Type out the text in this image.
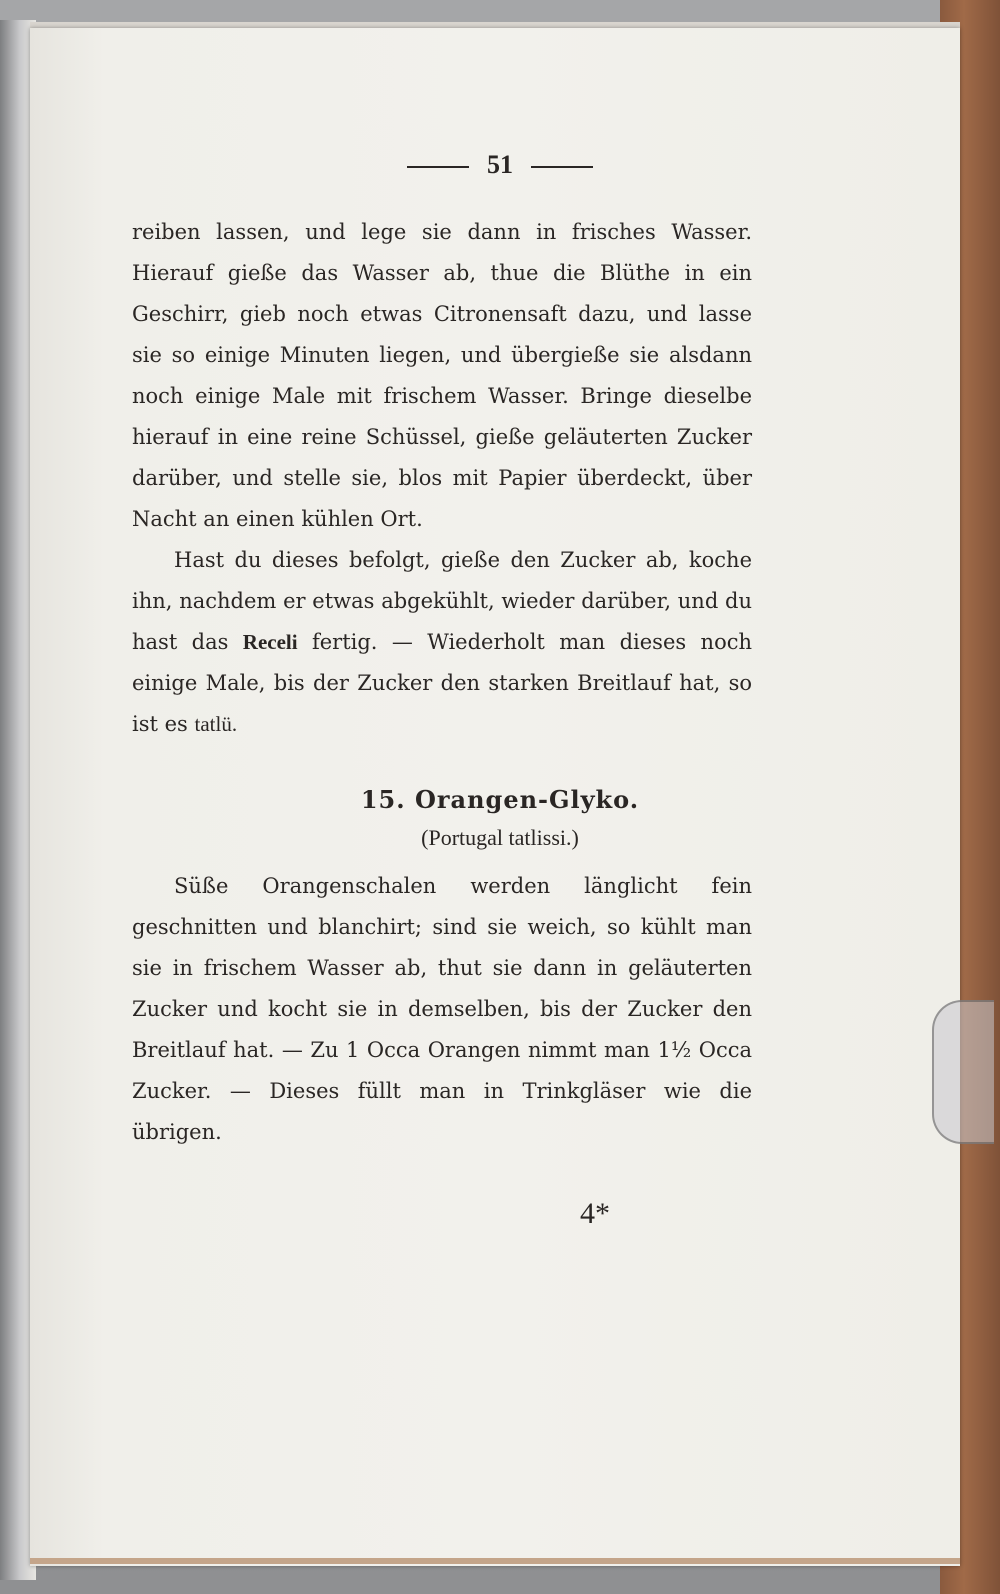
51

reiben lassen, und lege sie dann in frisches Wasser. Hierauf gieße das Wasser ab, thue die Blüthe in ein Geschirr, gieb noch etwas Citronensaft dazu, und lasse sie so einige Minuten liegen, und übergieße sie alsdann noch einige Male mit frischem Wasser. Bringe dieselbe hierauf in eine reine Schüssel, gieße geläuterten Zucker darüber, und stelle sie, blos mit Papier überdeckt, über Nacht an einen kühlen Ort.

Hast du dieses befolgt, gieße den Zucker ab, koche ihn, nachdem er etwas abgekühlt, wieder darüber, und du hast das Receli fertig. — Wiederholt man dieses noch einige Male, bis der Zucker den starken Breitlauf hat, so ist es tatlü.

15. Orangen-Glyko.
(Portugal tatlissi.)

Süße Orangenschalen werden länglicht fein geschnitten und blanchirt; sind sie weich, so kühlt man sie in frischem Wasser ab, thut sie dann in geläuterten Zucker und kocht sie in demselben, bis der Zucker den Breitlauf hat. — Zu 1 Occa Orangen nimmt man 1½ Occa Zucker. — Dieses füllt man in Trinkgläser wie die übrigen.

4*
